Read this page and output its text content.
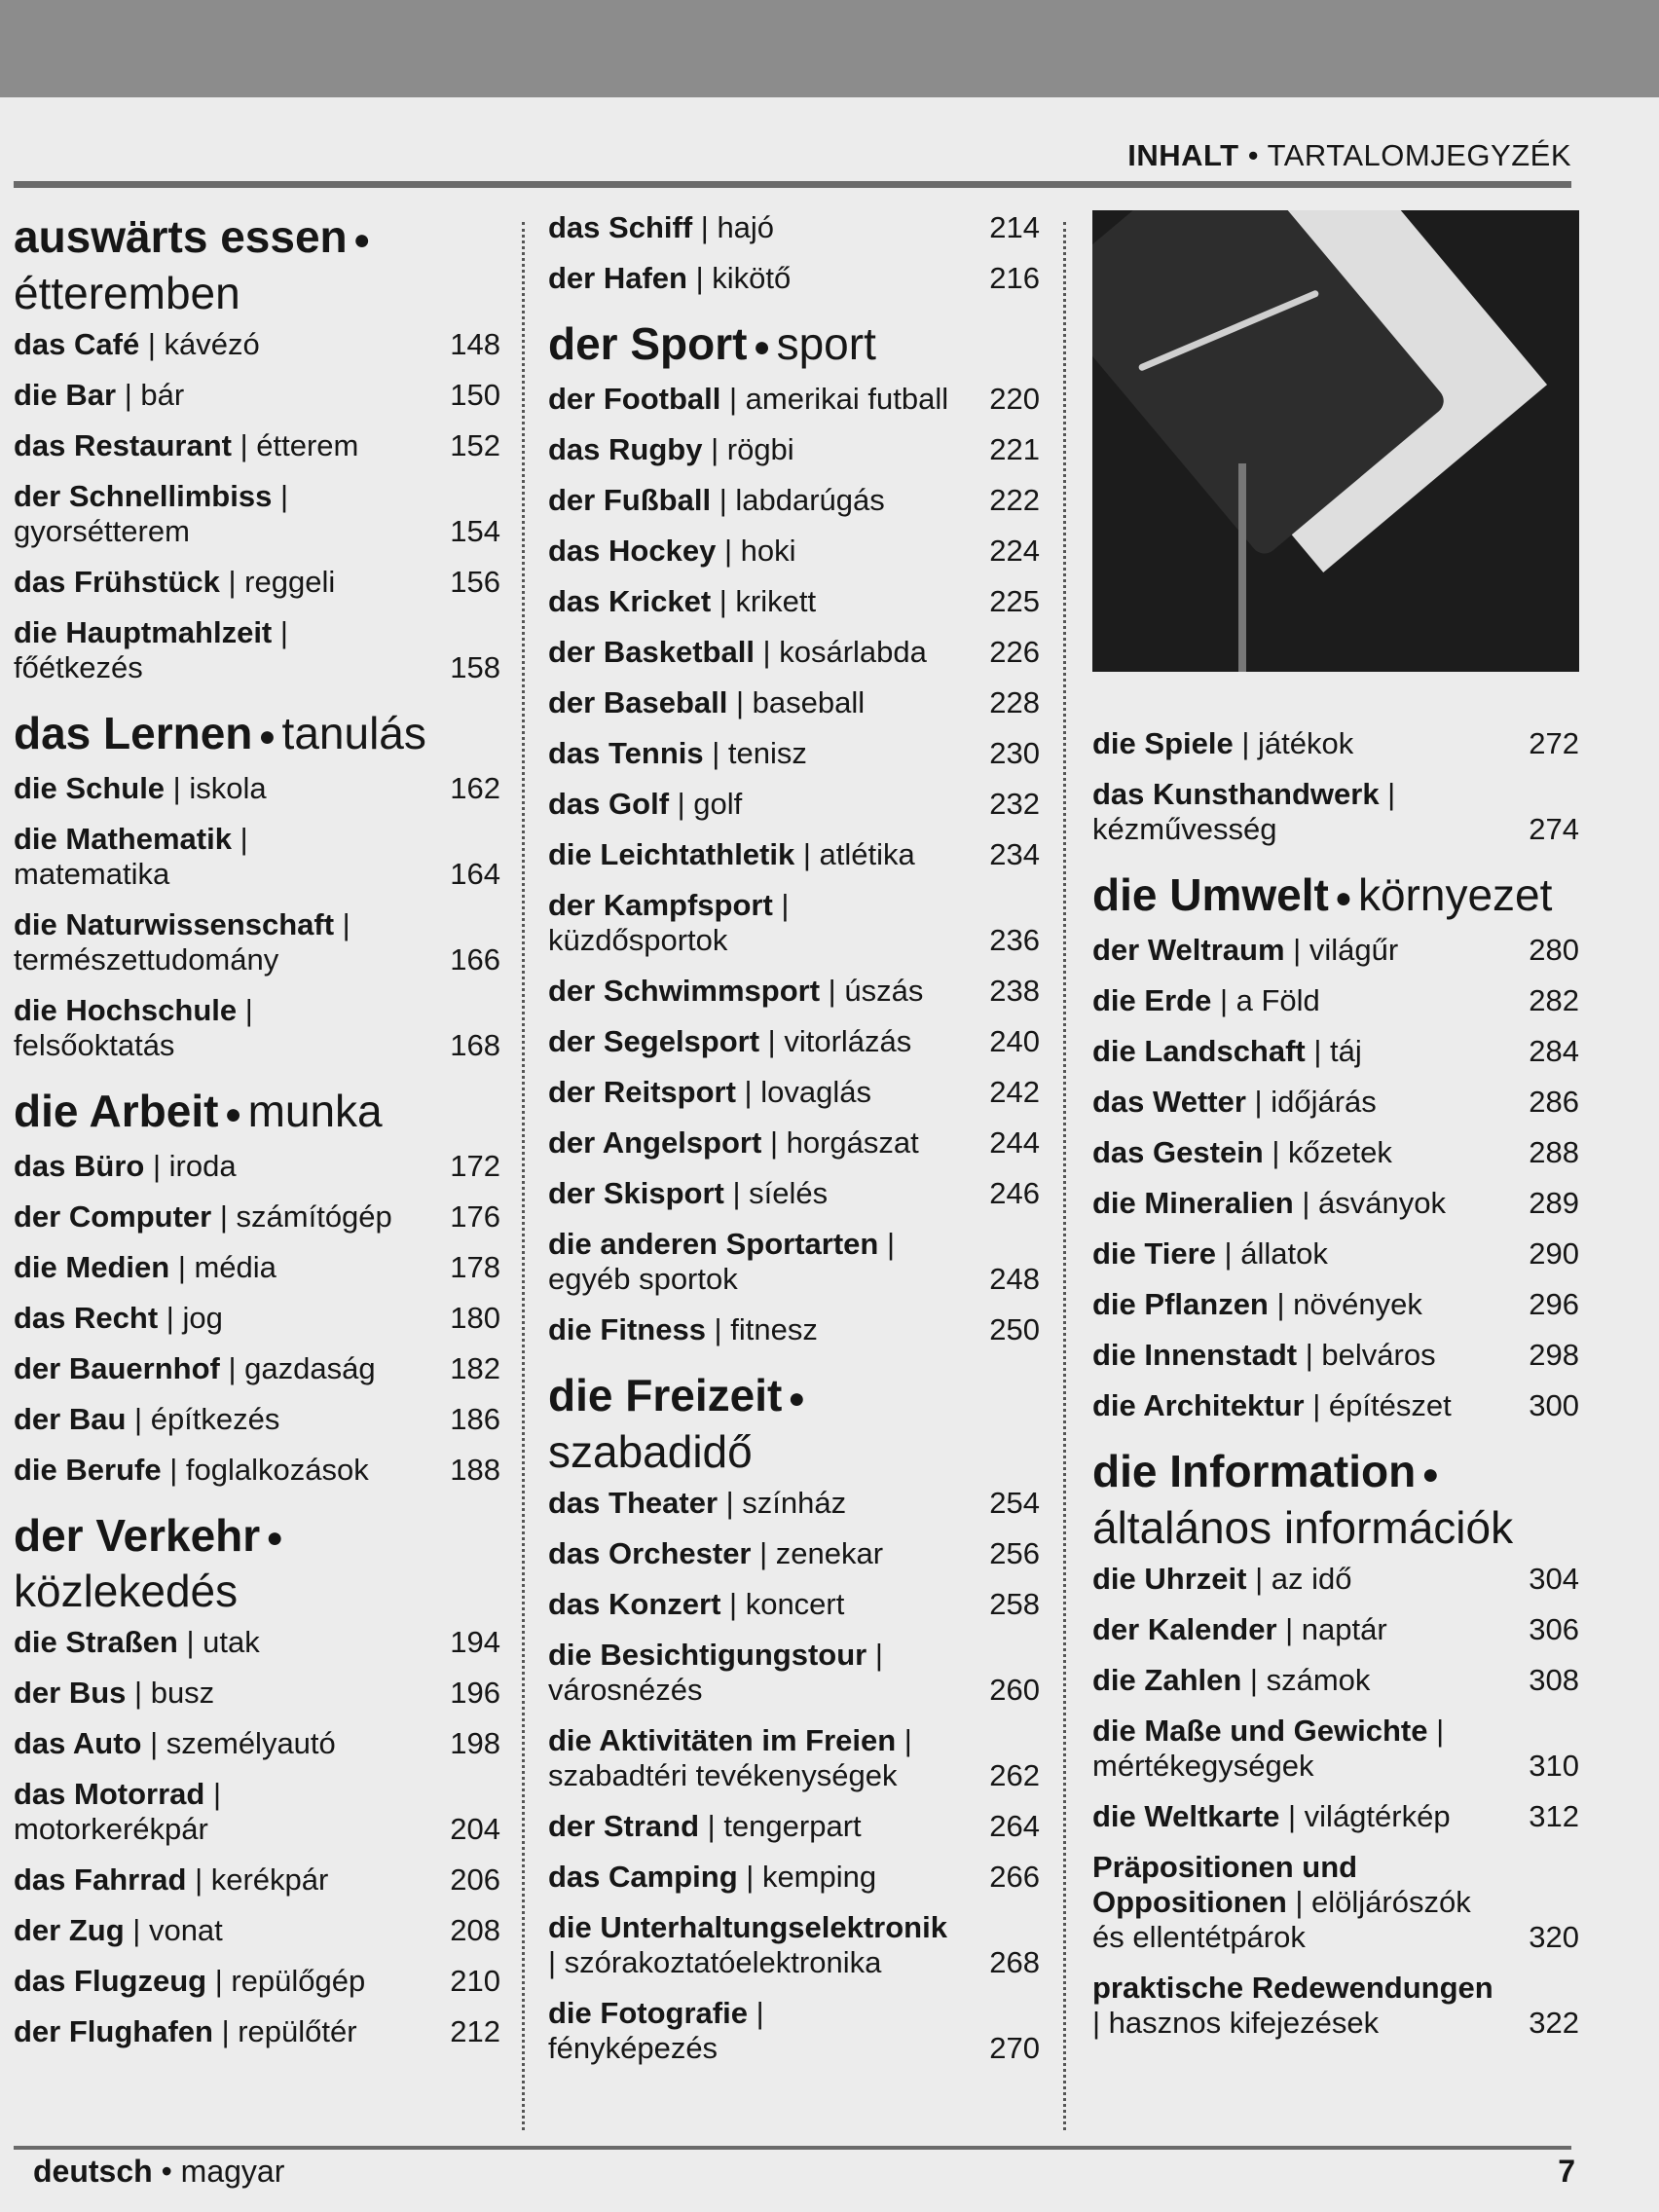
INHALT • TARTALOMJEGYZÉK
auswärts essen ●
étteremben
das Café | kávézó	148
die Bar | bár	150
das Restaurant | étterem	152
der Schnellimbiss |
gyorsétterem	154
das Frühstück | reggeli	156
die Hauptmahlzeit |
főétkezés	158
das Lernen ● tanulás
die Schule | iskola	162
die Mathematik |
matematika	164
die Naturwissenschaft |
természettudomány	166
die Hochschule |
felsőoktatás	168
die Arbeit ● munka
das Büro | iroda	172
der Computer | számítógép 176
die Medien | média	178
das Recht | jog	180
der Bauernhof | gazdaság 182
der Bau | építkezés	186
die Berufe | foglalkozások	188
der Verkehr ●
közlekedés
die Straßen | utak	194
der Bus | busz	196
das Auto | személyautó	198
das Motorrad |
motorkerékpár	204
das Fahrrad | kerékpár	206
der Zug | vonat	208
das Flugzeug | repülőgép	210
der Flughafen | repülőtér	212
das Schiff | hajó	214
der Hafen | kikötő	216
der Sport ● sport
der Football | amerikai futball 220
das Rugby | rögbi	221
der Fußball | labdarúgás	222
das Hockey | hoki	224
das Kricket | krikett	225
der Basketball | kosárlabda 226
der Baseball | baseball	228
das Tennis | tenisz	230
das Golf | golf	232
die Leichtathletik | atlétika 234
der Kampfsport |
küzdősportok	236
der Schwimmsport | úszás 238
der Segelsport | vitorlázás	240
der Reitsport | lovaglás	242
der Angelsport | horgászat 244
der Skisport | síelés	246
die anderen Sportarten |
egyéb sportok	248
die Fitness | fitnesz	250
die Freizeit ●
szabadidő
das Theater | színház	254
das Orchester | zenekar	256
das Konzert | koncert	258
die Besichtigungstour |
városnézés	260
die Aktivitäten im Freien |
szabadtéri tevékenységek	262
der Strand | tengerpart	264
das Camping | kemping	266
die Unterhaltungselektronik
| szórakoztatóelektronika	268
die Fotografie |
fényképezés	270
die Spiele | játékok	272
das Kunsthandwerk |
kézművesség	274
die Umwelt ● környezet
der Weltraum | világűr	280
die Erde | a Föld	282
die Landschaft | táj	284
das Wetter | időjárás	286
das Gestein | kőzetek	288
die Mineralien | ásványok	289
die Tiere | állatok	290
die Pflanzen | növények	296
die Innenstadt | belváros	298
die Architektur | építészet	300
die Information ●
általános információk
die Uhrzeit | az idő	304
der Kalender | naptár	306
die Zahlen | számok	308
die Maße und Gewichte |
mértékegységek	310
die Weltkarte | világtérkép	312
Präpositionen und Oppositionen | elöljárószók és ellentétpárok	320
praktische Redewendungen | hasznos kifejezések	322
deutsch • magyar	7
